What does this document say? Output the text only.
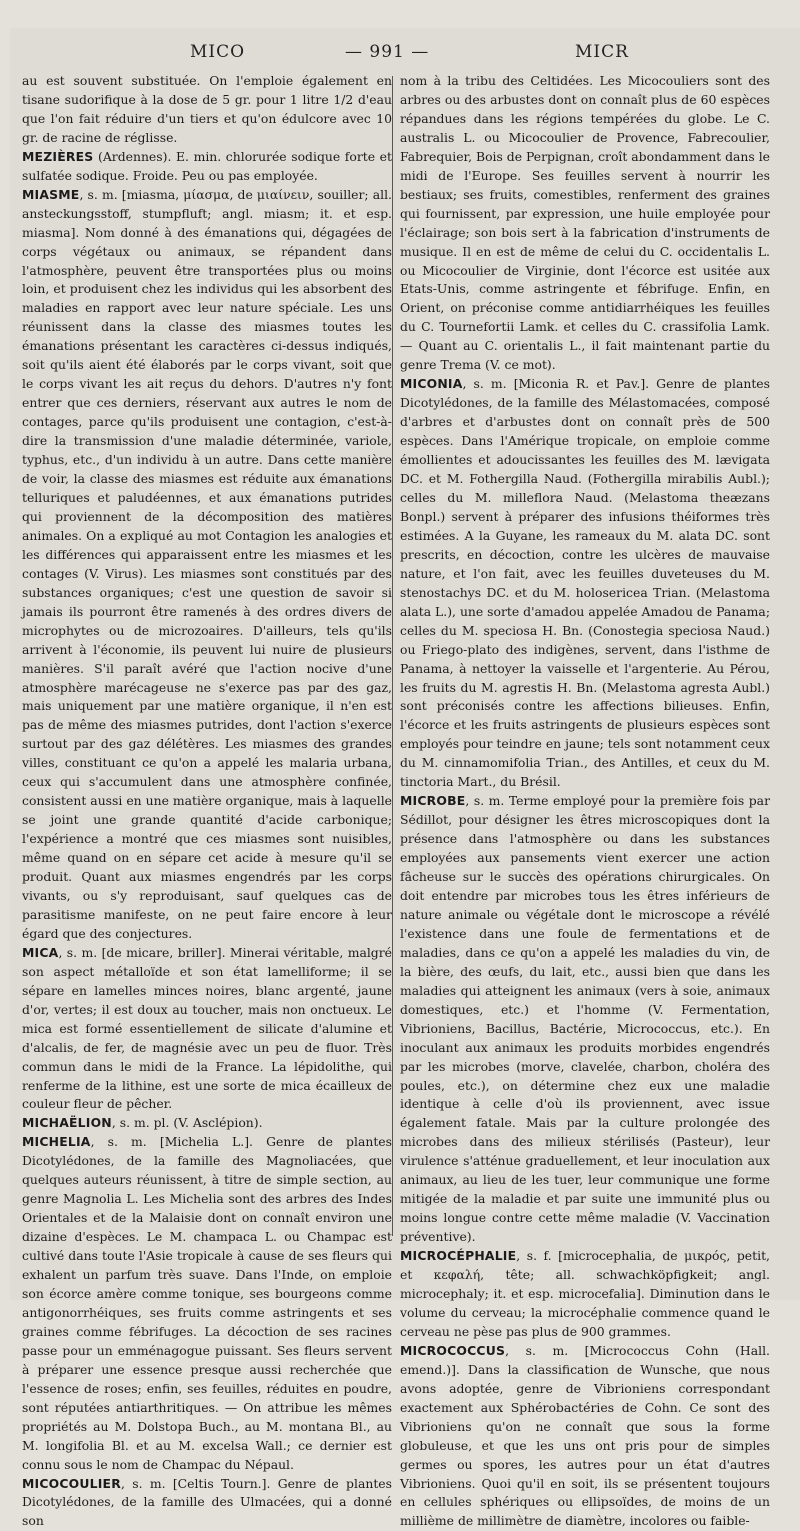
MICO	— 991 —	MICR

au est souvent substituée. On l'emploie également en tisane sudorifique à la dose de 5 gr. pour 1 litre 1/2 d'eau que l'on fait réduire d'un tiers et qu'on édulcore avec 10 gr. de racine de réglisse.

MEZIÈRES (Ardennes). E. min. chlorurée sodique forte et sulfatée sodique. Froide. Peu ou pas employée.

MIASME, s. m. [miasma, μίασμα, de μιαίνειν, souiller; all. ansteckungsstoff, stumpfluft; angl. miasm; it. et esp. miasma]. Nom donné à des émanations qui, dégagées de corps végétaux ou animaux, se répandent dans l'atmosphère, peuvent être transportées plus ou moins loin, et produisent chez les individus qui les absorbent des maladies en rapport avec leur nature spéciale. Les uns réunissent dans la classe des miasmes toutes les émanations présentant les caractères ci-dessus indiqués, soit qu'ils aient été élaborés par le corps vivant, soit que le corps vivant les ait reçus du dehors. D'autres n'y font entrer que ces derniers, réservant aux autres le nom de contages, parce qu'ils produisent une contagion, c'est-à-dire la transmission d'une maladie déterminée, variole, typhus, etc., d'un individu à un autre. Dans cette manière de voir, la classe des miasmes est réduite aux émanations telluriques et paludéennes, et aux émanations putrides qui proviennent de la décomposition des matières animales. On a expliqué au mot Contagion les analogies et les différences qui apparaissent entre les miasmes et les contages (V. Virus). Les miasmes sont constitués par des substances organiques; c'est une question de savoir si jamais ils pourront être ramenés à des ordres divers de microphytes ou de microzoaires. D'ailleurs, tels qu'ils arrivent à l'économie, ils peuvent lui nuire de plusieurs manières. S'il paraît avéré que l'action nocive d'une atmosphère marécageuse ne s'exerce pas par des gaz, mais uniquement par une matière organique, il n'en est pas de même des miasmes putrides, dont l'action s'exerce surtout par des gaz délétères. Les miasmes des grandes villes, constituant ce qu'on a appelé les malaria urbana, ceux qui s'accumulent dans une atmosphère confinée, consistent aussi en une matière organique, mais à laquelle se joint une grande quantité d'acide carbonique; l'expérience a montré que ces miasmes sont nuisibles, même quand on en sépare cet acide à mesure qu'il se produit. Quant aux miasmes engendrés par les corps vivants, ou s'y reproduisant, sauf quelques cas de parasitisme manifeste, on ne peut faire encore à leur égard que des conjectures.

MICA, s. m. [de micare, briller]. Minerai véritable, malgré son aspect métalloïde et son état lamelliforme; il se sépare en lamelles minces noires, blanc argenté, jaune d'or, vertes; il est doux au toucher, mais non onctueux. Le mica est formé essentiellement de silicate d'alumine et d'alcalis, de fer, de magnésie avec un peu de fluor. Très commun dans le midi de la France. La lépidolithe, qui renferme de la lithine, est une sorte de mica écailleux de couleur fleur de pêcher.

MICHAËLION, s. m. pl. (V. Asclépion).

MICHELIA, s. m. [Michelia L.]. Genre de plantes Dicotylédones, de la famille des Magnoliacées, que quelques auteurs réunissent, à titre de simple section, au genre Magnolia L. Les Michelia sont des arbres des Indes Orientales et de la Malaisie dont on connaît environ une dizaine d'espèces. Le M. champaca L. ou Champac est cultivé dans toute l'Asie tropicale à cause de ses fleurs qui exhalent un parfum très suave. Dans l'Inde, on emploie son écorce amère comme tonique, ses bourgeons comme antigonorrhéiques, ses fruits comme astringents et ses graines comme fébrifuges. La décoction de ses racines passe pour un emménagogue puissant. Ses fleurs servent à préparer une essence presque aussi recherchée que l'essence de roses; enfin, ses feuilles, réduites en poudre, sont réputées antiarthritiques. — On attribue les mêmes propriétés au M. Dolstopa Buch., au M. montana Bl., au M. longifolia Bl. et au M. excelsa Wall.; ce dernier est connu sous le nom de Champac du Népaul.

MICOCOULIER, s. m. [Celtis Tourn.]. Genre de plantes Dicotylédones, de la famille des Ulmacées, qui a donné son

nom à la tribu des Celtidées. Les Micocouliers sont des arbres ou des arbustes dont on connaît plus de 60 espèces répandues dans les régions tempérées du globe. Le C. australis L. ou Micocoulier de Provence, Fabrecoulier, Fabrequier, Bois de Perpignan, croît abondamment dans le midi de l'Europe. Ses feuilles servent à nourrir les bestiaux; ses fruits, comestibles, renferment des graines qui fournissent, par expression, une huile employée pour l'éclairage; son bois sert à la fabrication d'instruments de musique. Il en est de même de celui du C. occidentalis L. ou Micocoulier de Virginie, dont l'écorce est usitée aux Etats-Unis, comme astringente et fébrifuge. Enfin, en Orient, on préconise comme antidiarrhéiques les feuilles du C. Tournefortii Lamk. et celles du C. crassifolia Lamk. — Quant au C. orientalis L., il fait maintenant partie du genre Trema (V. ce mot).

MICONIA, s. m. [Miconia R. et Pav.]. Genre de plantes Dicotylédones, de la famille des Mélastomacées, composé d'arbres et d'arbustes dont on connaît près de 500 espèces. Dans l'Amérique tropicale, on emploie comme émollientes et adoucissantes les feuilles des M. lævigata DC. et M. Fothergilla Naud. (Fothergilla mirabilis Aubl.); celles du M. milleflora Naud. (Melastoma theæzans Bonpl.) servent à préparer des infusions théiformes très estimées. A la Guyane, les rameaux du M. alata DC. sont prescrits, en décoction, contre les ulcères de mauvaise nature, et l'on fait, avec les feuilles duveteuses du M. stenostachys DC. et du M. holosericea Trian. (Melastoma alata L.), une sorte d'amadou appelée Amadou de Panama; celles du M. speciosa H. Bn. (Conostegia speciosa Naud.) ou Friego-plato des indigènes, servent, dans l'isthme de Panama, à nettoyer la vaisselle et l'argenterie. Au Pérou, les fruits du M. agrestis H. Bn. (Melastoma agresta Aubl.) sont préconisés contre les affections bilieuses. Enfin, l'écorce et les fruits astringents de plusieurs espèces sont employés pour teindre en jaune; tels sont notamment ceux du M. cinnamomifolia Trian., des Antilles, et ceux du M. tinctoria Mart., du Brésil.

MICROBE, s. m. Terme employé pour la première fois par Sédillot, pour désigner les êtres microscopiques dont la présence dans l'atmosphère ou dans les substances employées aux pansements vient exercer une action fâcheuse sur le succès des opérations chirurgicales. On doit entendre par microbes tous les êtres inférieurs de nature animale ou végétale dont le microscope a révélé l'existence dans une foule de fermentations et de maladies, dans ce qu'on a appelé les maladies du vin, de la bière, des œufs, du lait, etc., aussi bien que dans les maladies qui atteignent les animaux (vers à soie, animaux domestiques, etc.) et l'homme (V. Fermentation, Vibrioniens, Bacillus, Bactérie, Micrococcus, etc.). En inoculant aux animaux les produits morbides engendrés par les microbes (morve, clavelée, charbon, choléra des poules, etc.), on détermine chez eux une maladie identique à celle d'où ils proviennent, avec issue également fatale. Mais par la culture prolongée des microbes dans des milieux stérilisés (Pasteur), leur virulence s'atténue graduellement, et leur inoculation aux animaux, au lieu de les tuer, leur communique une forme mitigée de la maladie et par suite une immunité plus ou moins longue contre cette même maladie (V. Vaccination préventive).

MICROCÉPHALIE, s. f. [microcephalia, de μικρός, petit, et κεφαλή, tête; all. schwachköpfigkeit; angl. microcephaly; it. et esp. microcefalia]. Diminution dans le volume du cerveau; la microcéphalie commence quand le cerveau ne pèse pas plus de 900 grammes.

MICROCOCCUS, s. m. [Micrococcus Cohn (Hall. emend.)]. Dans la classification de Wunsche, que nous avons adoptée, genre de Vibrioniens correspondant exactement aux Sphérobactéries de Cohn. Ce sont des Vibrioniens qu'on ne connaît que sous la forme globuleuse, et que les uns ont pris pour de simples germes ou spores, les autres pour un état d'autres Vibrioniens. Quoi qu'il en soit, ils se présentent toujours en cellules sphériques ou ellipsoïdes, de moins de un millième de millimètre de diamètre, incolores ou faible-
